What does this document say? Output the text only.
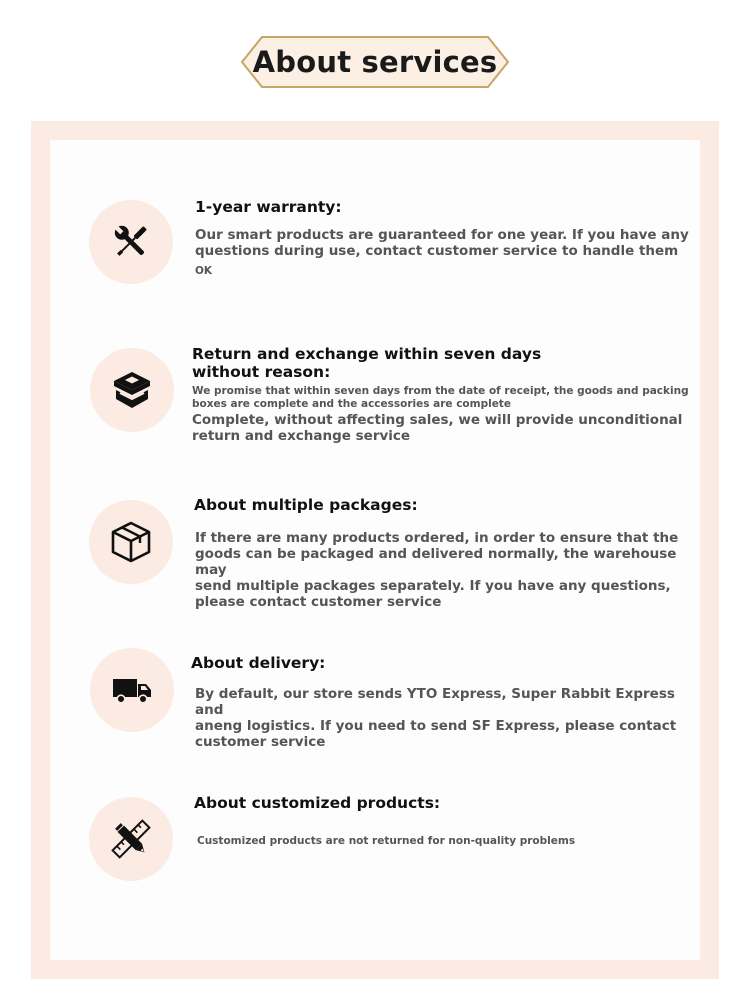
About services
1-year warranty:
Our smart products are guaranteed for one year. If you have any
questions during use, contact customer service to handle them
OK
Return and exchange within seven days
without reason:
We promise that within seven days from the date of receipt, the goods and packing
boxes are complete and the accessories are complete
Complete, without affecting sales, we will provide unconditional
return and exchange service
About multiple packages:
If there are many products ordered, in order to ensure that the
goods can be packaged and delivered normally, the warehouse may
send multiple packages separately. If you have any questions,
please contact customer service
About delivery:
By default, our store sends YTO Express, Super Rabbit Express and
aneng logistics. If you need to send SF Express, please contact
customer service
About customized products:
Customized products are not returned for non-quality problems
